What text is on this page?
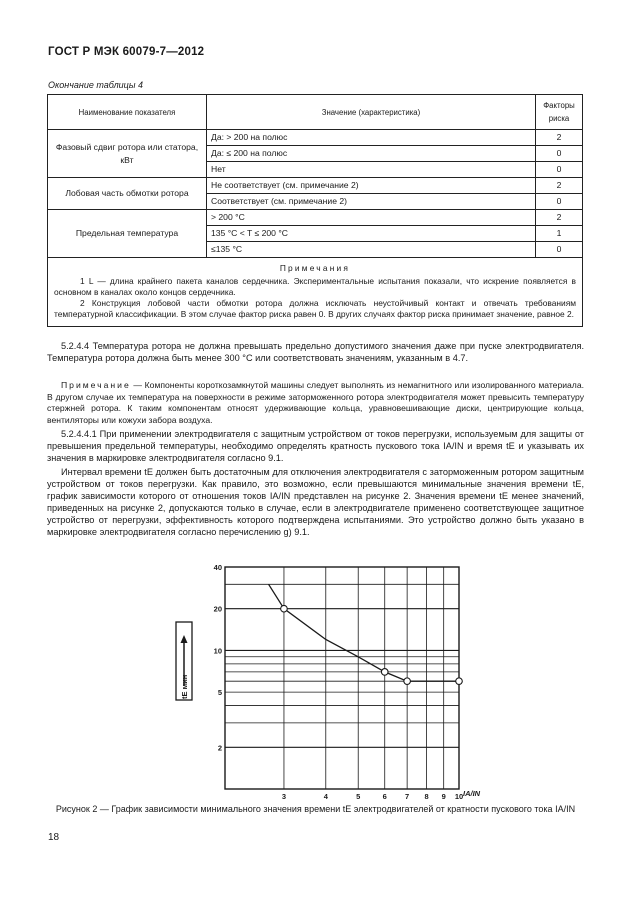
ГОСТ Р МЭК 60079-7—2012
Окончание таблицы 4
Наименование показателя	Значение (характеристика)	Факторы риска
Фазовый сдвиг ротора или статора, кВт	Да: > 200 на полюс	2
	Да: ≤ 200 на полюс	0
	Нет	0
Лобовая часть обмотки ротора	Не соответствует (см. примечание 2)	2
	Соответствует (см. примечание 2)	0
Предельная температура	> 200 °C	2
	135 °C < T ≤ 200 °C	1
	≤135 °C	0

Примечания
1 L — длина крайнего пакета каналов сердечника. Экспериментальные испытания показали, что искрение появляется в основном в каналах около концов сердечника.
2 Конструкция лобовой части обмотки ротора должна исключать неустойчивый контакт и отвечать требованиям температурной классификации. В этом случае фактор риска равен 0. В других случаях фактор риска принимает значение, равное 2.		
5.2.4.4 Температура ротора не должна превышать предельно допустимого значения даже при пуске электродвигателя. Температура ротора должна быть менее 300 °C или соответствовать значениям, указанным в 4.7.
Примечание — Компоненты короткозамкнутой машины следует выполнять из немагнитного или изолированного материала. В другом случае их температура на поверхности в режиме заторможенного ротора электродвигателя может превысить температуру стержней ротора. К таким компонентам относят удерживающие кольца, уравновешивающие диски, центрирующие кольца, вентиляторы или кожухи забора воздуха.
5.2.4.4.1 При применении электродвигателя с защитным устройством от токов перегрузки, используемым для защиты от превышения предельной температуры, необходимо определять кратность пускового тока IA/IN и время tE и указывать их значения в маркировке электродвигателя согласно 9.1.
Интервал времени tE должен быть достаточным для отключения электродвигателя с заторможенным ротором защитным устройством от токов перегрузки. Как правило, это возможно, если превышаются минимальные значения времени tE, график зависимости которого от отношения токов IA/IN представлен на рисунке 2. Значения времени tE менее значений, приведенных на рисунке 2, допускаются только в случае, если в электродвигателе применено соответствующее защитное устройство от перегрузки, эффективность которого подтверждена испытаниями. Это устройство должно быть указано в маркировке электродвигателя согласно перечислению g) 9.1.
40
20
10
5
2
3	4	5	6 7 8 9 10
tE мин
IA/IN
Рисунок 2 — График зависимости минимального значения времени tE электродвигателей от кратности пускового тока IA/IN
18
